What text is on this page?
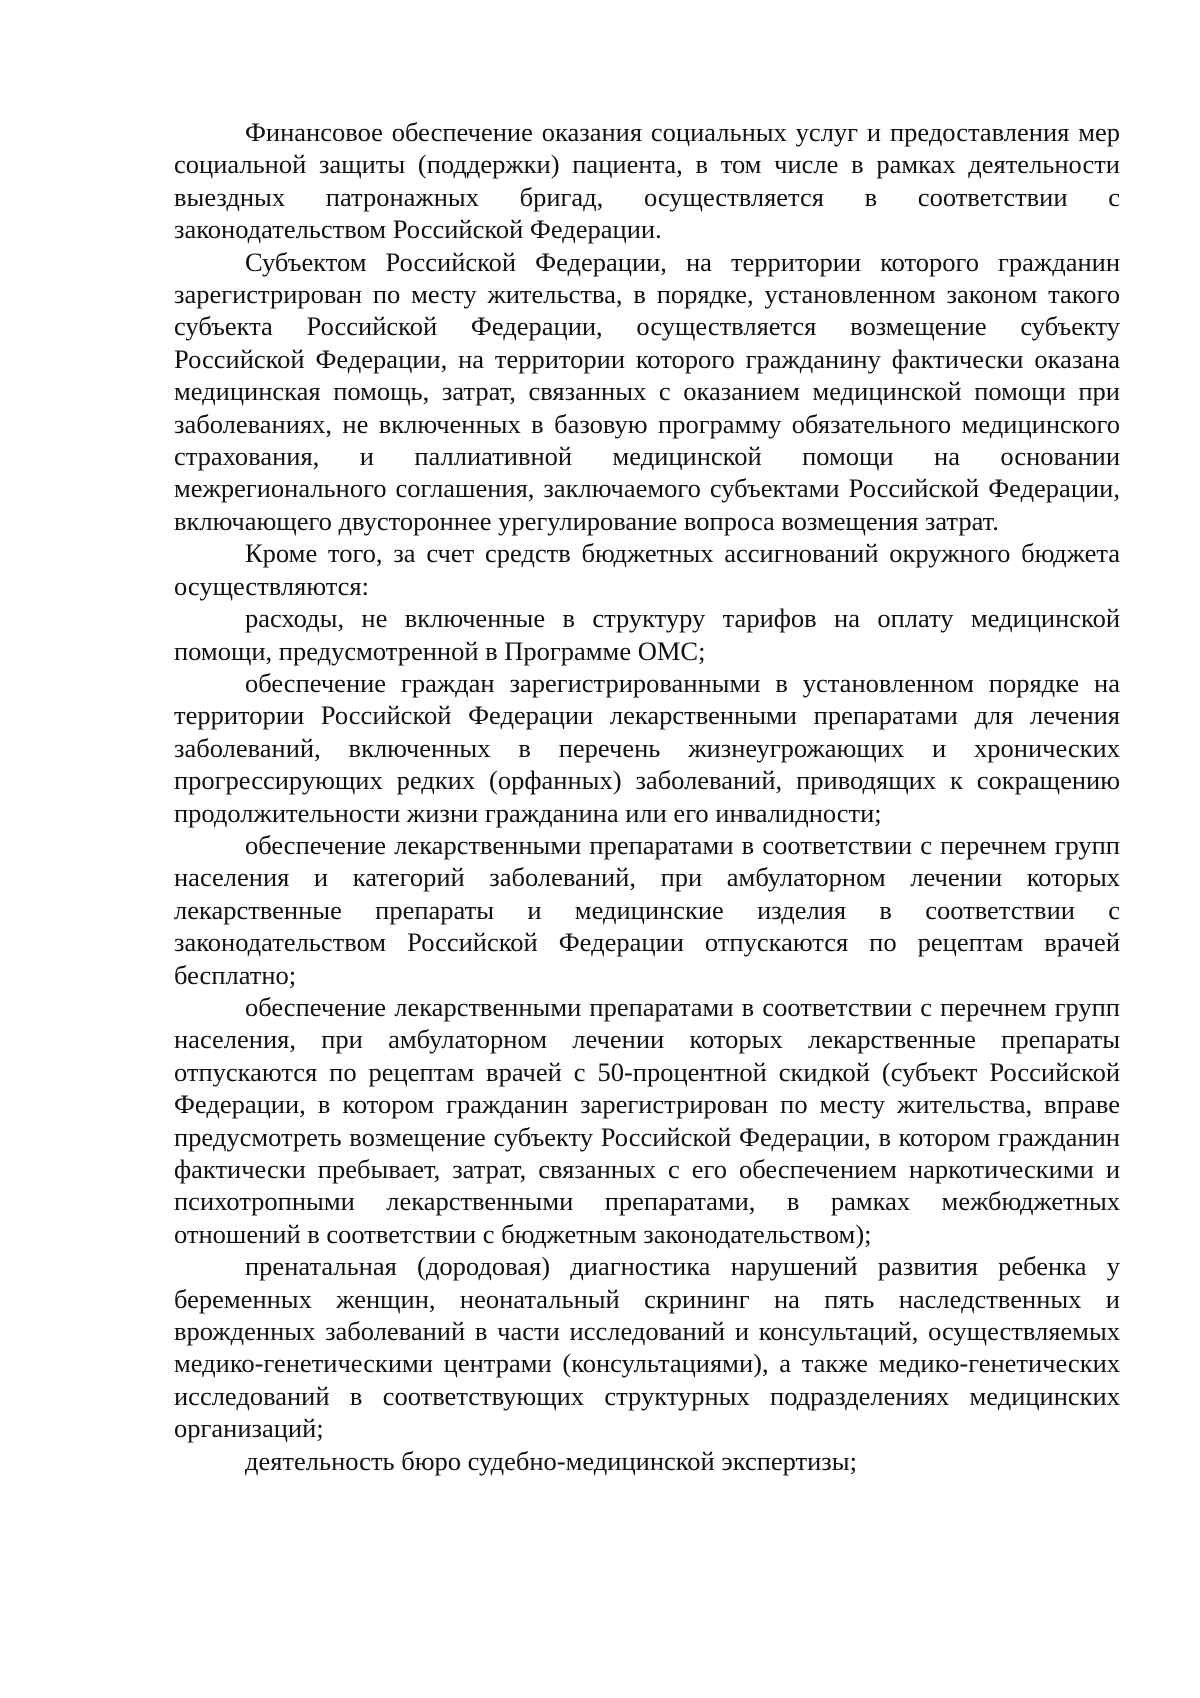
Финансовое обеспечение оказания социальных услуг и предоставления мер социальной защиты (поддержки) пациента, в том числе в рамках деятельности выездных патронажных бригад, осуществляется в соответствии с законодательством Российской Федерации.

Субъектом Российской Федерации, на территории которого гражданин зарегистрирован по месту жительства, в порядке, установленном законом такого субъекта Российской Федерации, осуществляется возмещение субъекту Российской Федерации, на территории которого гражданину фактически оказана медицинская помощь, затрат, связанных с оказанием медицинской помощи при заболеваниях, не включенных в базовую программу обязательного медицинского страхования, и паллиативной медицинской помощи на основании межрегионального соглашения, заключаемого субъектами Российской Федерации, включающего двустороннее урегулирование вопроса возмещения затрат.

Кроме того, за счет средств бюджетных ассигнований окружного бюджета осуществляются:

расходы, не включенные в структуру тарифов на оплату медицинской помощи, предусмотренной в Программе ОМС;

обеспечение граждан зарегистрированными в установленном порядке на территории Российской Федерации лекарственными препаратами для лечения заболеваний, включенных в перечень жизнеугрожающих и хронических прогрессирующих редких (орфанных) заболеваний, приводящих к сокращению продолжительности жизни гражданина или его инвалидности;

обеспечение лекарственными препаратами в соответствии с перечнем групп населения и категорий заболеваний, при амбулаторном лечении которых лекарственные препараты и медицинские изделия в соответствии с законодательством Российской Федерации отпускаются по рецептам врачей бесплатно;

обеспечение лекарственными препаратами в соответствии с перечнем групп населения, при амбулаторном лечении которых лекарственные препараты отпускаются по рецептам врачей с 50-процентной скидкой (субъект Российской Федерации, в котором гражданин зарегистрирован по месту жительства, вправе предусмотреть возмещение субъекту Российской Федерации, в котором гражданин фактически пребывает, затрат, связанных с его обеспечением наркотическими и психотропными лекарственными препаратами, в рамках межбюджетных отношений в соответствии с бюджетным законодательством);

пренатальная (дородовая) диагностика нарушений развития ребенка у беременных женщин, неонатальный скрининг на пять наследственных и врожденных заболеваний в части исследований и консультаций, осуществляемых медико-генетическими центрами (консультациями), а также медико-генетических исследований в соответствующих структурных подразделениях медицинских организаций;

деятельность бюро судебно-медицинской экспертизы;
